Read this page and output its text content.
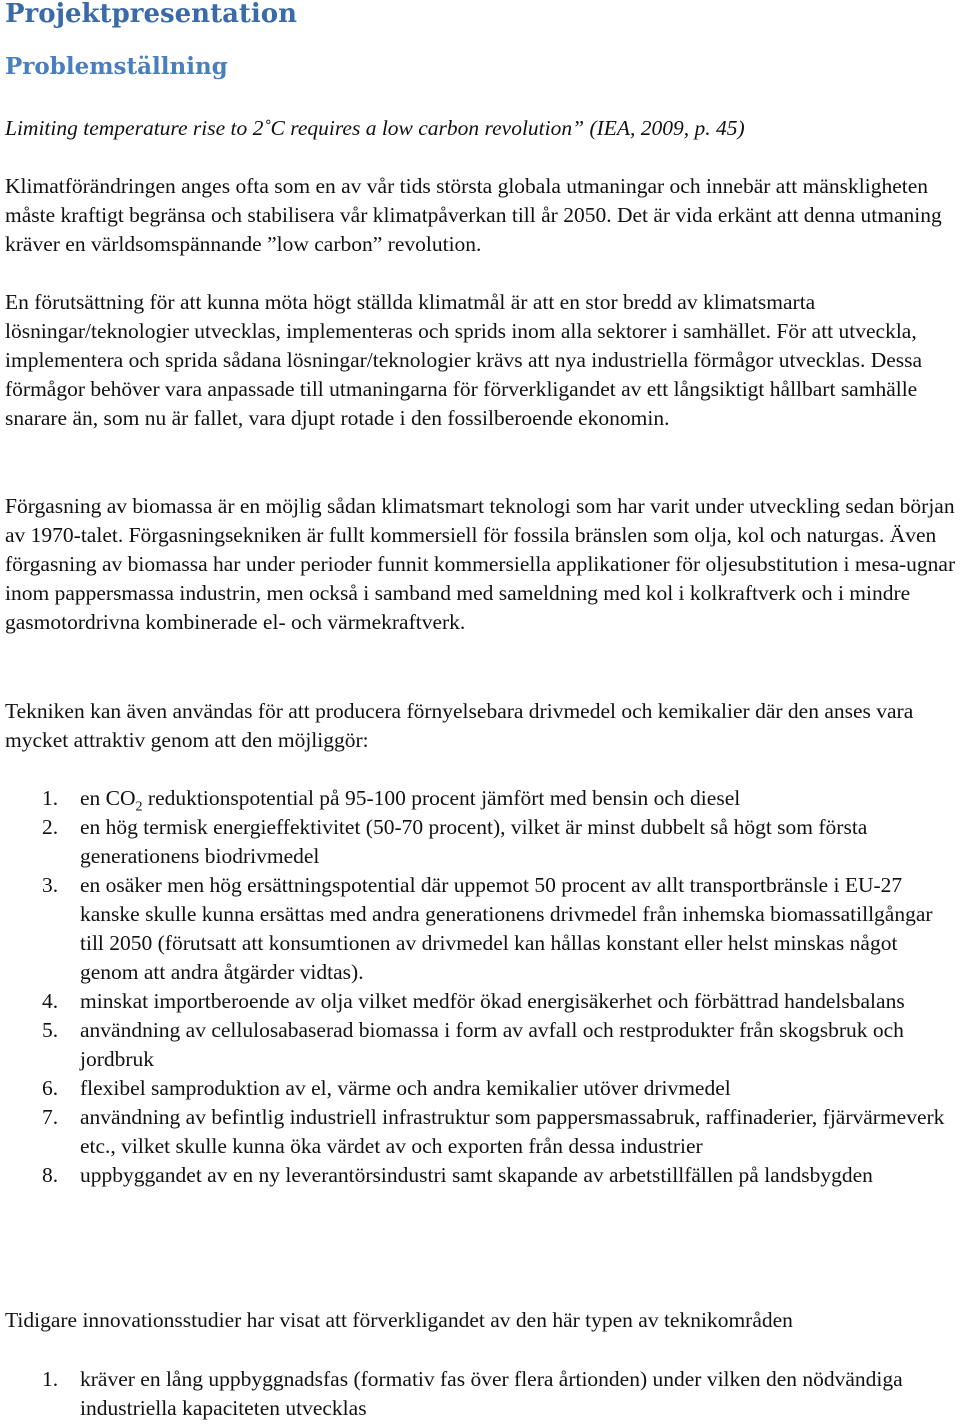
Projektpresentation
Problemställning

Limiting temperature rise to 2˚C requires a low carbon revolution” (IEA, 2009, p. 45)

Klimatförändringen anges ofta som en av vår tids största globala utmaningar och innebär att mänskligheten måste kraftigt begränsa och stabilisera vår klimatpåverkan till år 2050. Det är vida erkänt att denna utmaning kräver en världsomspännande ”low carbon” revolution.

En förutsättning för att kunna möta högt ställda klimatmål är att en stor bredd av klimatsmarta lösningar/teknologier utvecklas, implementeras och sprids inom alla sektorer i samhället. För att utveckla, implementera och sprida sådana lösningar/teknologier krävs att nya industriella förmågor utvecklas. Dessa förmågor behöver vara anpassade till utmaningarna för förverkligandet av ett långsiktigt hållbart samhälle snarare än, som nu är fallet, vara djupt rotade i den fossilberoende ekonomin.

Förgasning av biomassa är en möjlig sådan klimatsmart teknologi som har varit under utveckling sedan början av 1970-talet. Förgasningsekniken är fullt kommersiell för fossila bränslen som olja, kol och naturgas. Även förgasning av biomassa har under perioder funnit kommersiella applikationer för oljesubstitution i mesa-ugnar inom pappersmassa industrin, men också i samband med sameldning med kol i kolkraftverk och i mindre gasmotordrivna kombinerade el- och värmekraftverk.

Tekniken kan även användas för att producera förnyelsebara drivmedel och kemikalier där den anses vara mycket attraktiv genom att den möjliggör:

1. en $CO_2$ reduktionspotential på 95-100 procent jämfört med bensin och diesel
2. en hög termisk energieffektivitet (50-70 procent), vilket är minst dubbelt så högt som första generationens biodrivmedel
3. en osäker men hög ersättningspotential där uppemot 50 procent av allt transportbränsle i EU-27 kanske skulle kunna ersättas med andra generationens drivmedel från inhemska biomassatillgångar till 2050 (förutsatt att konsumtionen av drivmedel kan hållas konstant eller helst minskas något genom att andra åtgärder vidtas).
4. minskat importberoende av olja vilket medför ökad energisäkerhet och förbättrad handelsbalans
5. användning av cellulosabaserad biomassa i form av avfall och restprodukter från skogsbruk och jordbruk
6. flexibel samproduktion av el, värme och andra kemikalier utöver drivmedel
7. användning av befintlig industriell infrastruktur som pappersmassabruk, raffinaderier, fjärvärmeverk etc., vilket skulle kunna öka värdet av och exporten från dessa industrier
8. uppbyggandet av en ny leverantörsindustri samt skapande av arbetstillfällen på landsbygden

Tidigare innovationsstudier har visat att förverkligandet av den här typen av teknikområden

1. kräver en lång uppbyggnadsfas (formativ fas över flera årtionden) under vilken den nödvändiga industriella kapaciteten utvecklas
